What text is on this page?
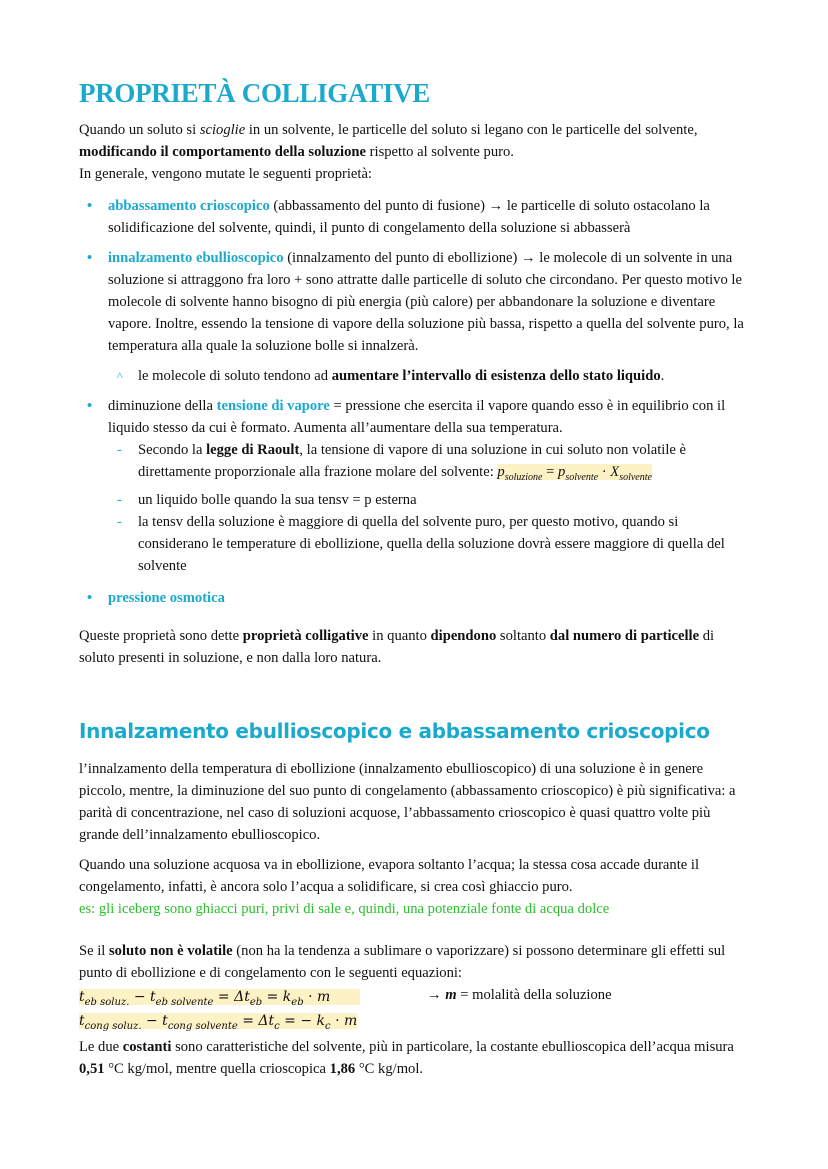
PROPRIETÀ COLLIGATIVE

Quando un soluto si scioglie in un solvente, le particelle del soluto si legano con le particelle del solvente, modificando il comportamento della soluzione rispetto al solvente puro.
In generale, vengono mutate le seguenti proprietà:

• abbassamento crioscopico (abbassamento del punto di fusione) → le particelle di soluto ostacolano la solidificazione del solvente, quindi, il punto di congelamento della soluzione si abbasserà
• innalzamento ebullioscopico (innalzamento del punto di ebollizione) → le molecole di un solvente in una soluzione si attraggono fra loro + sono attratte dalle particelle di soluto che circondano. Per questo motivo le molecole di solvente hanno bisogno di più energia (più calore) per abbandonare la soluzione e diventare vapore. Inoltre, essendo la tensione di vapore della soluzione più bassa, rispetto a quella del solvente puro, la temperatura alla quale la soluzione bolle si innalzerà.
^ le molecole di soluto tendono ad aumentare l’intervallo di esistenza dello stato liquido.
• diminuzione della tensione di vapore = pressione che esercita il vapore quando esso è in equilibrio con il liquido stesso da cui è formato. Aumenta all’aumentare della sua temperatura.
- Secondo la legge di Raoult, la tensione di vapore di una soluzione in cui soluto non volatile è direttamente proporzionale alla frazione molare del solvente: $p_{soluzione} = p_{solvente} \cdot X_{solvente}$
- un liquido bolle quando la sua tensv = p esterna
- la tensv della soluzione è maggiore di quella del solvente puro, per questo motivo, quando si considerano le temperature di ebollizione, quella della soluzione dovrà essere maggiore di quella del solvente
• pressione osmotica

Queste proprietà sono dette proprietà colligative in quanto dipendono soltanto dal numero di particelle di soluto presenti in soluzione, e non dalla loro natura.

Innalzamento ebullioscopico e abbassamento crioscopico

l’innalzamento della temperatura di ebollizione (innalzamento ebullioscopico) di una soluzione è in genere piccolo, mentre, la diminuzione del suo punto di congelamento (abbassamento crioscopico) è più significativa: a parità di concentrazione, nel caso di soluzioni acquose, l’abbassamento crioscopico è quasi quattro volte più grande dell’innalzamento ebullioscopico.

Quando una soluzione acquosa va in ebollizione, evapora soltanto l’acqua; la stessa cosa accade durante il congelamento, infatti, è ancora solo l’acqua a solidificare, si crea così ghiaccio puro.

es: gli iceberg sono ghiacci puri, privi di sale e, quindi, una potenziale fonte di acqua dolce

Se il soluto non è volatile (non ha la tendenza a sublimare o vaporizzare) si possono determinare gli effetti sul punto di ebollizione e di congelamento con le seguenti equazioni:

$t_{eb soluz.} - t_{eb solvente} = \Delta t_{eb} = k_{eb} \cdot m$	→ m = molalità della soluzione
$t_{cong soluz.} - t_{cong solvente} = \Delta t_c$ = − $k_c \cdot m$

Le due costanti sono caratteristiche del solvente, più in particolare, la costante ebullioscopica dell’acqua misura 0,51 °C kg/mol, mentre quella crioscopica 1,86 °C kg/mol.
